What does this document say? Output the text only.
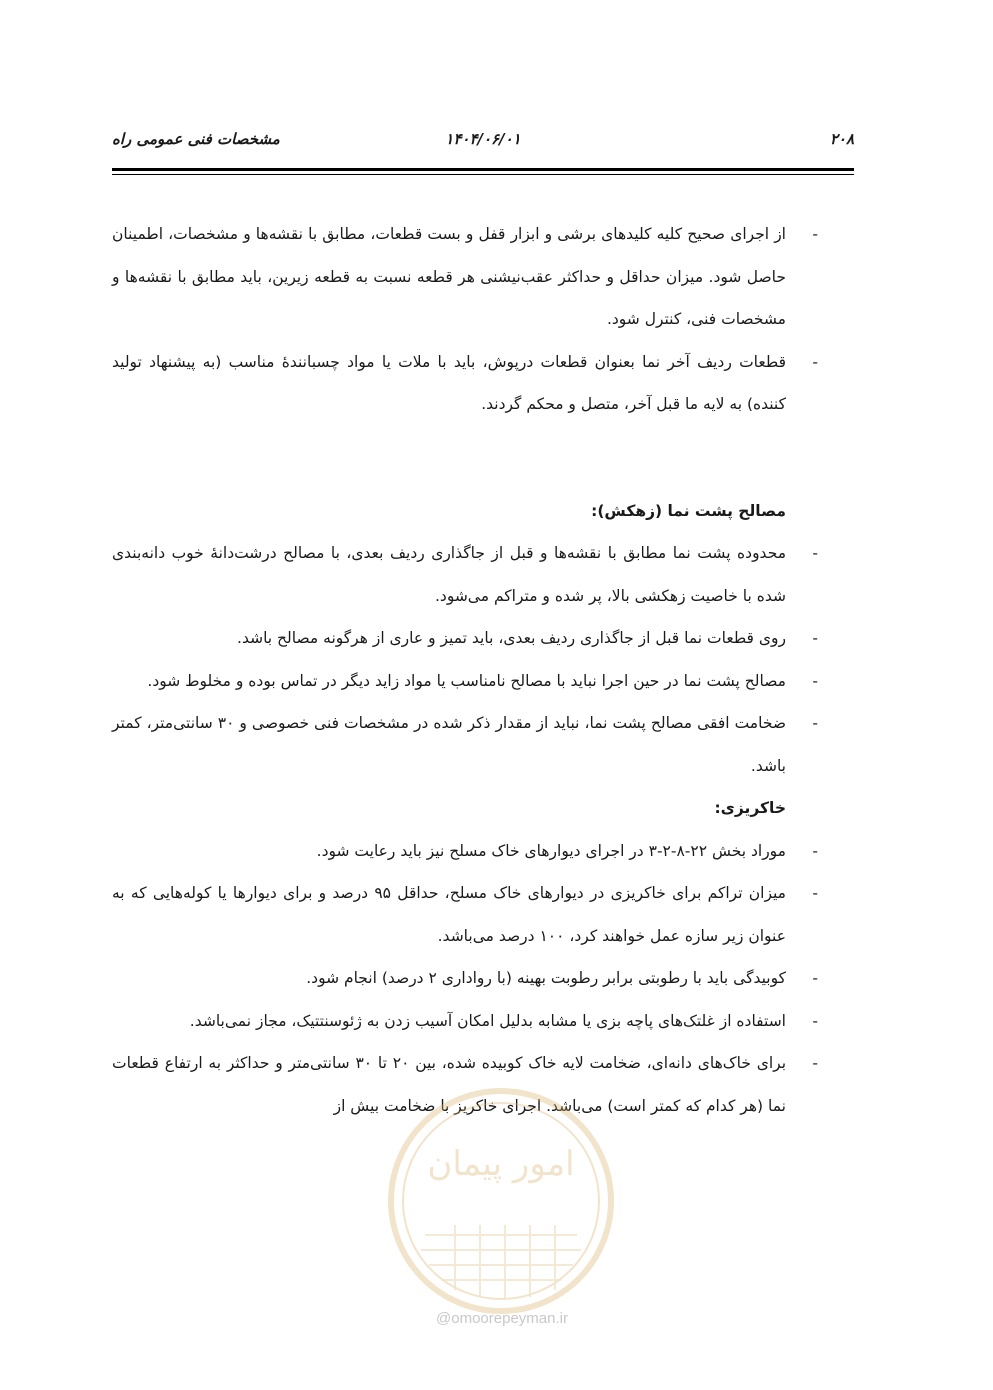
۲۰۸
۱۴۰۴/۰۶/۰۱
مشخصات فنی عمومی راه

- از اجرای صحیح کلیه کلیدهای برشی و ابزار قفل و بست قطعات، مطابق با نقشه‌ها و مشخصات، اطمینان حاصل شود. میزان حداقل و حداکثر عقب‌نیشنی هر قطعه نسبت به قطعه زیرین، باید مطابق با نقشه‌ها و مشخصات فنی، کنترل شود.

- قطعات ردیف آخر نما بعنوان قطعات درپوش، باید با ملات یا مواد چسبانندهٔ مناسب (به پیشنهاد تولید کننده) به لایه ما قبل آخر، متصل و محکم گردند.

مصالح پشت نما (زهکش):

- محدوده پشت نما مطابق با نقشه‌ها و قبل از جاگذاری ردیف بعدی، با مصالح درشت‌دانهٔ خوب دانه‌بندی شده با خاصیت زهکشی بالا، پر شده و متراکم می‌شود.

- روی قطعات نما قبل از جاگذاری ردیف بعدی، باید تمیز و عاری از هرگونه مصالح باشد.

- مصالح پشت نما در حین اجرا نباید با مصالح نامناسب یا مواد زاید دیگر در تماس بوده و مخلوط شود.

- ضخامت افقی مصالح پشت نما، نباید از مقدار ذکر شده در مشخصات فنی خصوصی و ۳۰ سانتی‌متر، کمتر باشد.

خاکریزی:

- موراد بخش ۲۲-۸-۲-۳ در اجرای دیوارهای خاک مسلح نیز باید رعایت شود.

- میزان تراکم برای خاکریزی در دیوارهای خاک مسلح، حداقل ۹۵ درصد و برای دیوارها یا کوله‌هایی که به عنوان زیر سازه عمل خواهند کرد، ۱۰۰ درصد می‌باشد.

- کوبیدگی باید با رطوبتی برابر رطوبت بهینه (با رواداری ۲ درصد) انجام شود.

- استفاده از غلتک‌های پاچه بزی یا مشابه بدلیل امکان آسیب زدن به ژئوسنتتیک، مجاز نمی‌باشد.

- برای خاک‌های دانه‌ای، ضخامت لایه خاک کوبیده شده، بین ۲۰ تا ۳۰ سانتی‌متر و حداکثر به ارتفاع قطعات نما (هر کدام که کمتر است) می‌باشد. اجرای خاکریز با ضخامت بیش از

امور پیمان
@omoorepeyman.ir
